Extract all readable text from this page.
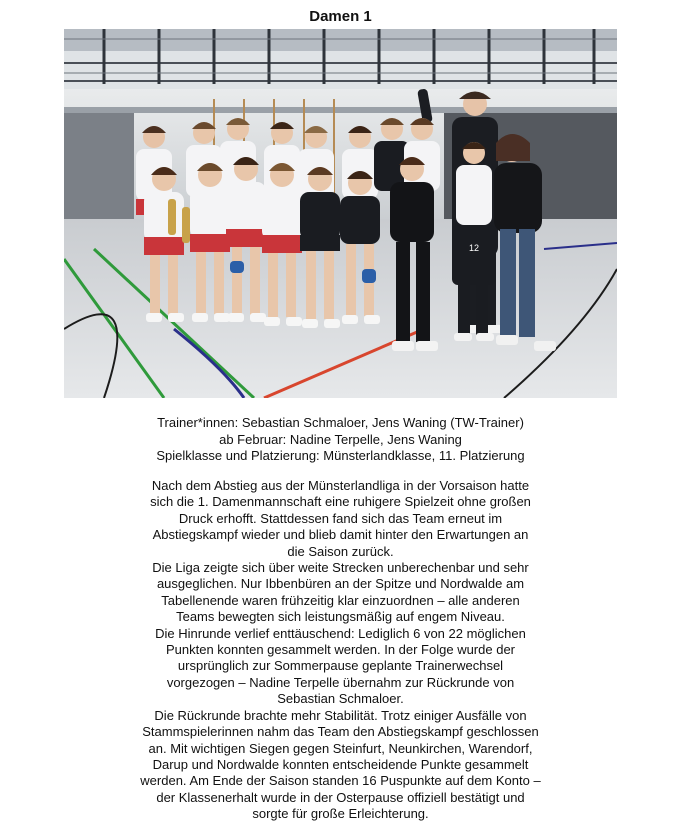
Damen 1
12
Trainer*innen: Sebastian Schmaloer, Jens Waning (TW-Trainer)
ab Februar: Nadine Terpelle, Jens Waning
Spielklasse und Platzierung: Münsterlandklasse, 11. Platzierung

Nach dem Abstieg aus der Münsterlandliga in der Vorsaison hatte
sich die 1. Damenmannschaft eine ruhigere Spielzeit ohne großen
Druck erhofft. Stattdessen fand sich das Team erneut im
Abstiegskampf wieder und blieb damit hinter den Erwartungen an
die Saison zurück.

Die Liga zeigte sich über weite Strecken unberechenbar und sehr
ausgeglichen. Nur Ibbenbüren an der Spitze und Nordwalde am
Tabellenende waren frühzeitig klar einzuordnen – alle anderen
Teams bewegten sich leistungsmäßig auf engem Niveau.

Die Hinrunde verlief enttäuschend: Lediglich 6 von 22 möglichen
Punkten konnten gesammelt werden. In der Folge wurde der
ursprünglich zur Sommerpause geplante Trainerwechsel
vorgezogen – Nadine Terpelle übernahm zur Rückrunde von
Sebastian Schmaloer.

Die Rückrunde brachte mehr Stabilität. Trotz einiger Ausfälle von
Stammspielerinnen nahm das Team den Abstiegskampf geschlossen
an. Mit wichtigen Siegen gegen Steinfurt, Neunkirchen, Warendorf,
Darup und Nordwalde konnten entscheidende Punkte gesammelt
werden. Am Ende der Saison standen 16 Puspunkte auf dem Konto –
der Klassenerhalt wurde in der Osterpause offiziell bestätigt und
sorgte für große Erleichterung.
